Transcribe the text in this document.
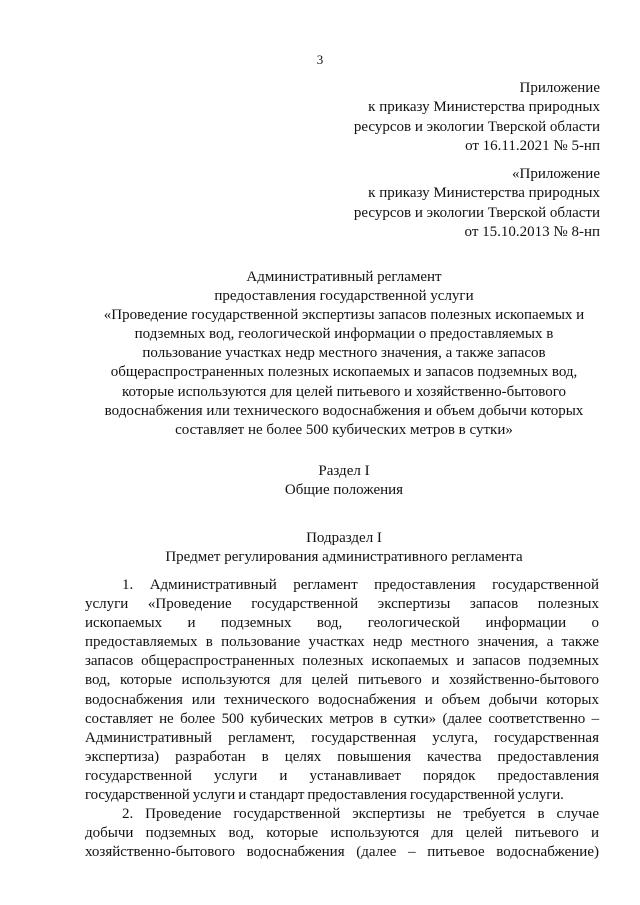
3
Приложение
к приказу Министерства природных
ресурсов и экологии Тверской области
от 16.11.2021 № 5-нп
«Приложение
к приказу Министерства природных
ресурсов и экологии Тверской области
от 15.10.2013 № 8-нп
Административный регламент
предоставления государственной услуги
«Проведение государственной экспертизы запасов полезных ископаемых и
подземных вод, геологической информации о предоставляемых в
пользование участках недр местного значения, а также запасов
общераспространенных полезных ископаемых и запасов подземных вод,
которые используются для целей питьевого и хозяйственно-бытового
водоснабжения или технического водоснабжения и объем добычи которых
составляет не более 500 кубических метров в сутки»
Раздел I
Общие положения
Подраздел I
Предмет регулирования административного регламента

1. Административный регламент предоставления государственной

услуги «Проведение государственной экспертизы запасов полезных

ископаемых и подземных вод, геологической информации о

предоставляемых в пользование участках недр местного значения, а также

запасов общераспространенных полезных ископаемых и запасов подземных

вод, которые используются для целей питьевого и хозяйственно-бытового

водоснабжения или технического водоснабжения и объем добычи которых

составляет не более 500 кубических метров в сутки» (далее соответственно –

Административный регламент, государственная услуга, государственная

экспертиза) разработан в целях повышения качества предоставления

государственной услуги и устанавливает порядок предоставления

государственной услуги и стандарт предоставления государственной услуги.

2. Проведение государственной экспертизы не требуется в случае

добычи подземных вод, которые используются для целей питьевого и

хозяйственно-бытового водоснабжения (далее – питьевое водоснабжение)
